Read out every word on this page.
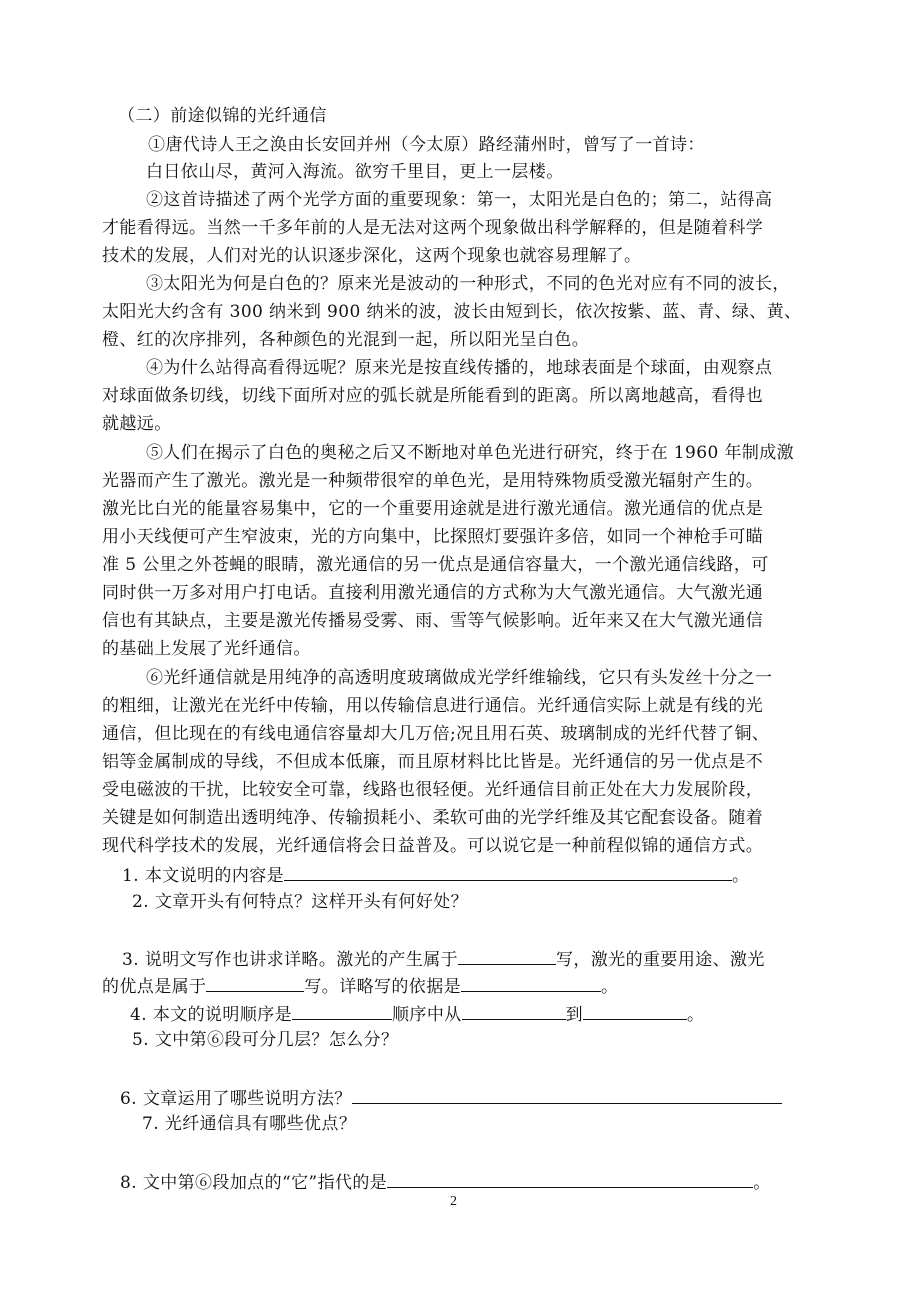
（二）前途似锦的光纤通信
①唐代诗人王之涣由长安回并州（今太原）路经蒲州时，曾写了一首诗：
白日依山尽，黄河入海流。欲穷千里目，更上一层楼。
②这首诗描述了两个光学方面的重要现象：第一，太阳光是白色的；第二，站得高
才能看得远。当然一千多年前的人是无法对这两个现象做出科学解释的，但是随着科学
技术的发展，人们对光的认识逐步深化，这两个现象也就容易理解了。
③太阳光为何是白色的？原来光是波动的一种形式，不同的色光对应有不同的波长，
太阳光大约含有 300 纳米到 900 纳米的波，波长由短到长，依次按紫、蓝、青、绿、黄、
橙、红的次序排列，各种颜色的光混到一起，所以阳光呈白色。
④为什么站得高看得远呢？原来光是按直线传播的，地球表面是个球面，由观察点
对球面做条切线，切线下面所对应的弧长就是所能看到的距离。所以离地越高，看得也
就越远。
⑤人们在揭示了白色的奥秘之后又不断地对单色光进行研究，终于在 1960 年制成激
光器而产生了激光。激光是一种频带很窄的单色光，是用特殊物质受激光辐射产生的。
激光比白光的能量容易集中，它的一个重要用途就是进行激光通信。激光通信的优点是
用小天线便可产生窄波束，光的方向集中，比探照灯要强许多倍，如同一个神枪手可瞄
准 5 公里之外苍蝇的眼睛，激光通信的另一优点是通信容量大，一个激光通信线路，可
同时供一万多对用户打电话。直接利用激光通信的方式称为大气激光通信。大气激光通
信也有其缺点，主要是激光传播易受雾、雨、雪等气候影响。近年来又在大气激光通信
的基础上发展了光纤通信。
⑥光纤通信就是用纯净的高透明度玻璃做成光学纤维输线，它只有头发丝十分之一
的粗细，让激光在光纤中传输，用以传输信息进行通信。光纤通信实际上就是有线的光
通信，但比现在的有线电通信容量却大几万倍;况且用石英、玻璃制成的光纤代替了铜、
铝等金属制成的导线，不但成本低廉，而且原材料比比皆是。光纤通信的另一优点是不
受电磁波的干扰，比较安全可靠，线路也很轻便。光纤通信目前正处在大力发展阶段，
关键是如何制造出透明纯净、传输损耗小、柔软可曲的光学纤维及其它配套设备。随着
现代科学技术的发展，光纤通信将会日益普及。可以说它是一种前程似锦的通信方式。
1. 本文说明的内容是	。
2. 文章开头有何特点？这样开头有何好处？
3. 说明文写作也讲求详略。激光的产生属于	写，激光的重要用途、激光
的优点是属于	写。详略写的依据是	。
4. 本文的说明顺序是	顺序中从	到	。
5. 文中第⑥段可分几层？怎么分？
6. 文章运用了哪些说明方法？
7. 光纤通信具有哪些优点？
8. 文中第⑥段加点的“它”指代的是	。
2
